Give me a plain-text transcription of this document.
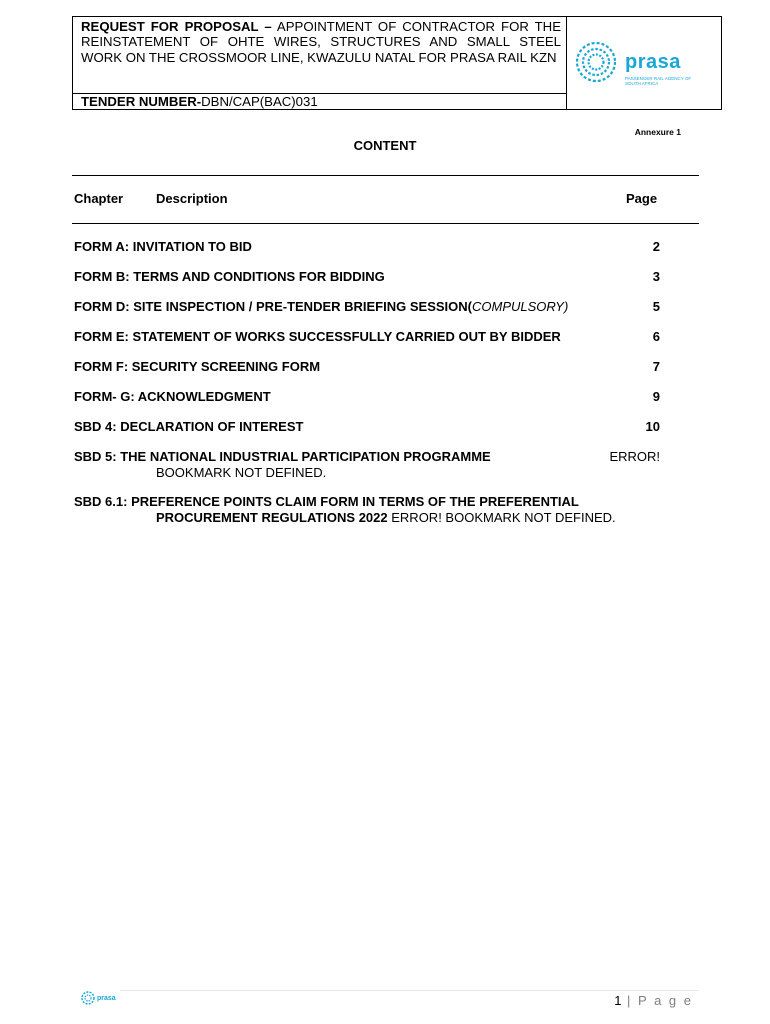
REQUEST FOR PROPOSAL – APPOINTMENT OF CONTRACTOR FOR THE REINSTATEMENT OF OHTE WIRES, STRUCTURES AND SMALL STEEL WORK ON THE CROSSMOOR LINE, KWAZULU NATAL FOR PRASA RAIL KZN
TENDER NUMBER-DBN/CAP(BAC)031
prasa
PASSENGER RAIL AGENCY OF SOUTH AFRICA
Annexure 1
CONTENT
Chapter	Description	Page
FORM A: INVITATION TO BID	2
FORM B: TERMS AND CONDITIONS FOR BIDDING	3
FORM D: SITE INSPECTION / PRE-TENDER BRIEFING SESSION(COMPULSORY)	5
FORM E: STATEMENT OF WORKS SUCCESSFULLY CARRIED OUT BY BIDDER	6
FORM F: SECURITY SCREENING FORM	7
FORM- G: ACKNOWLEDGMENT	9
SBD 4: DECLARATION OF INTEREST	10
SBD 5: THE NATIONAL INDUSTRIAL PARTICIPATION PROGRAMME	ERROR!
BOOKMARK NOT DEFINED.
SBD 6.1: PREFERENCE POINTS CLAIM FORM IN TERMS OF THE PREFERENTIAL
PROCUREMENT REGULATIONS 2022 ERROR! BOOKMARK NOT DEFINED.
prasa	1 | P a g e
